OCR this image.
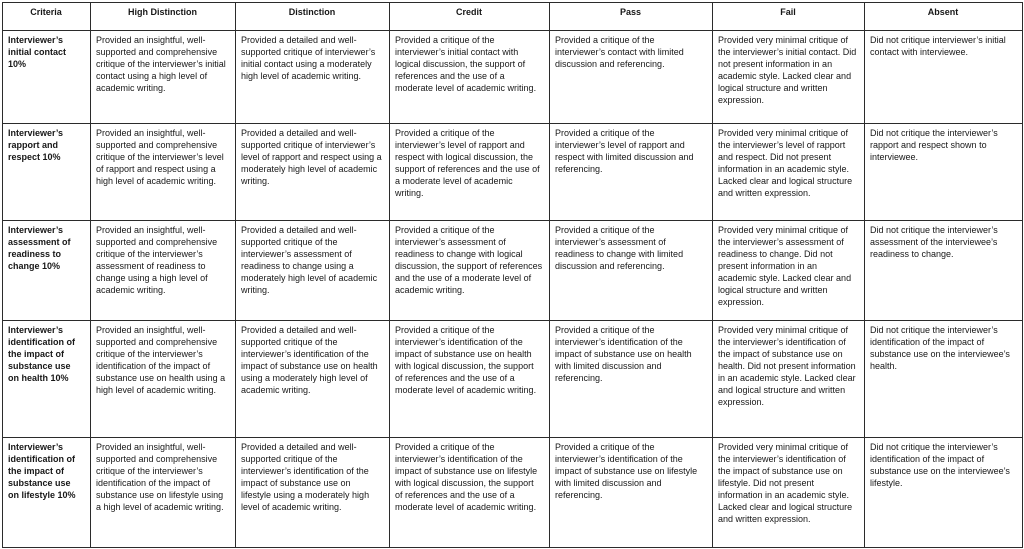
Criteria	High Distinction	Distinction	Credit	Pass	Fail	Absent
Interviewer’s initial contact 10%	Provided an insightful, well-supported and comprehensive critique of the interviewer’s initial contact using a high level of academic writing.	Provided a detailed and well-supported critique of interviewer’s initial contact using a moderately high level of academic writing.	Provided a critique of the interviewer’s initial contact with logical discussion, the support of references and the use of a moderate level of academic writing.	Provided a critique of the interviewer’s contact with limited discussion and referencing.	Provided very minimal critique of the interviewer’s initial contact. Did not present information in an academic style. Lacked clear and logical structure and written expression.	Did not critique interviewer’s initial contact with interviewee.
Interviewer’s rapport and respect 10%	Provided an insightful, well-supported and comprehensive critique of the interviewer’s level of rapport and respect using a high level of academic writing.	Provided a detailed and well-supported critique of interviewer’s level of rapport and respect using a moderately high level of academic writing.	Provided a critique of the interviewer’s level of rapport and respect with logical discussion, the support of references and the use of a moderate level of academic writing.	Provided a critique of the interviewer’s level of rapport and respect with limited discussion and referencing.	Provided very minimal critique of the interviewer’s level of rapport and respect. Did not present information in an academic style. Lacked clear and logical structure and written expression.	Did not critique the interviewer’s rapport and respect shown to interviewee.
Interviewer’s assessment of readiness to change 10%	Provided an insightful, well-supported and comprehensive critique of the interviewer’s assessment of readiness to change using a high level of academic writing.	Provided a detailed and well- supported critique of the interviewer’s assessment of readiness to change using a moderately high level of academic writing.	Provided a critique of the interviewer’s assessment of readiness to change with logical discussion, the support of references and the use of a moderate level of academic writing.	Provided a critique of the interviewer’s assessment of readiness to change with limited discussion and referencing.	Provided very minimal critique of the interviewer’s assessment of readiness to change. Did not present information in an academic style. Lacked clear and logical structure and written expression.	Did not critique the interviewer’s assessment of the interviewee’s readiness to change.
Interviewer’s identification of the impact of substance use on health 10%	Provided an insightful, well-supported and comprehensive critique of the interviewer’s identification of the impact of substance use on health using a high level of academic writing.	Provided a detailed and well-supported critique of the interviewer’s identification of the impact of substance use on health using a moderately high level of academic writing.	Provided a critique of the interviewer’s identification of the impact of substance use on health with logical discussion, the support of references and the use of a moderate level of academic writing.	Provided a critique of the interviewer’s identification of the impact of substance use on health with limited discussion and referencing.	Provided very minimal critique of the interviewer’s identification of the impact of substance use on health. Did not present information in an academic style. Lacked clear and logical structure and written expression.	Did not critique the interviewer’s identification of the impact of substance use on the interviewee’s health.
Interviewer’s identification of the impact of substance use on lifestyle 10%	Provided an insightful, well-supported and comprehensive critique of the interviewer’s identification of the impact of substance use on lifestyle using a high level of academic writing.	Provided a detailed and well-supported critique of the interviewer’s identification of the impact of substance use on lifestyle using a moderately high level of academic writing.	Provided a critique of the interviewer’s identification of the impact of substance use on lifestyle with logical discussion, the support of references and the use of a moderate level of academic writing.	Provided a critique of the interviewer’s identification of the impact of substance use on lifestyle with limited discussion and referencing.	Provided very minimal critique of the interviewer’s identification of the impact of substance use on lifestyle. Did not present information in an academic style. Lacked clear and logical structure and written expression.	Did not critique the interviewer’s identification of the impact of substance use on the interviewee’s lifestyle.
